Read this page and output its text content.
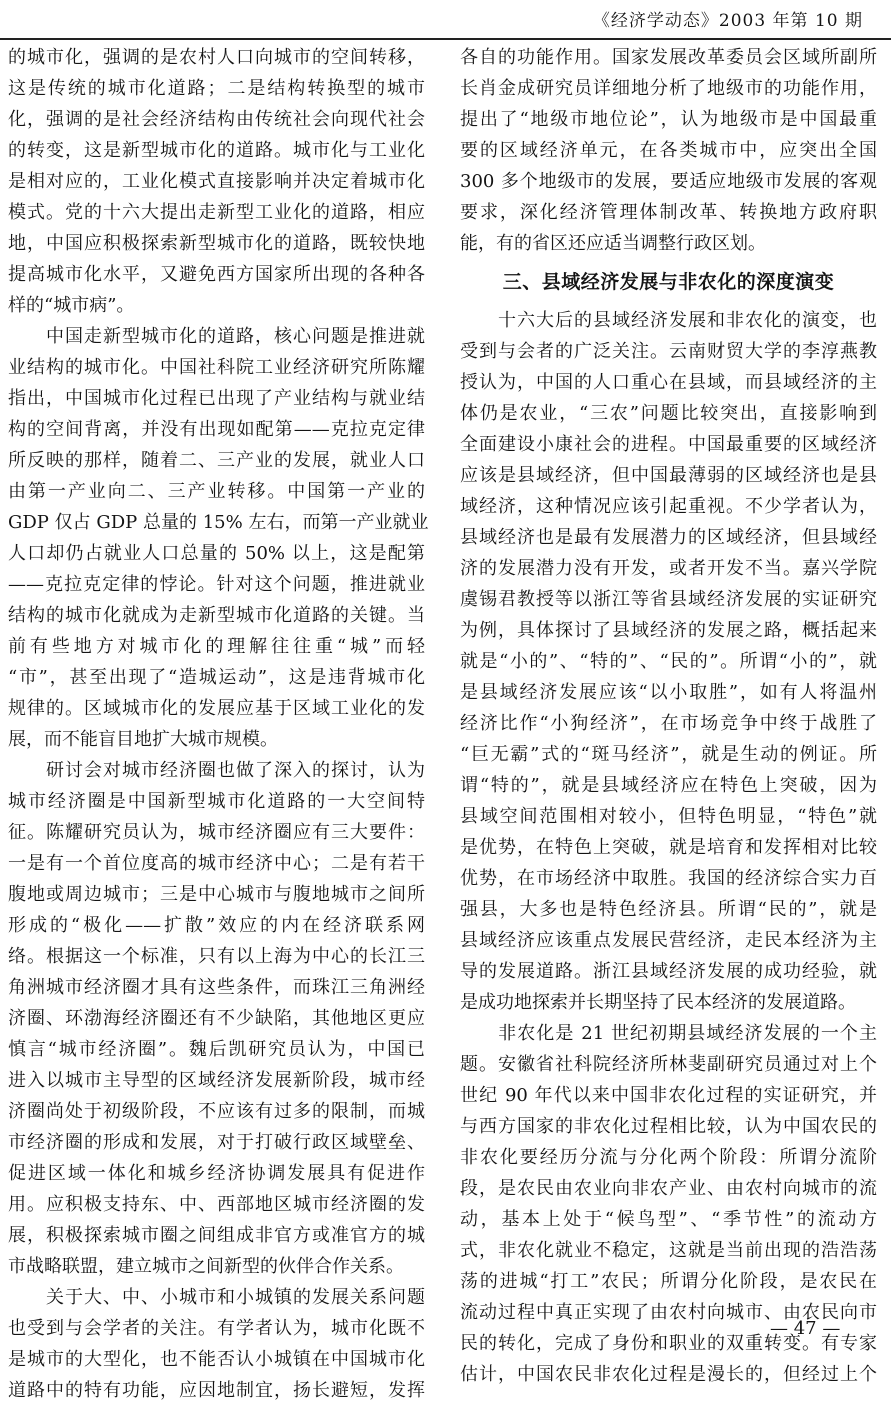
《经济学动态》2003 年第 10 期
的城市化，强调的是农村人口向城市的空间转移，
这是传统的城市化道路；二是结构转换型的城市
化，强调的是社会经济结构由传统社会向现代社会
的转变，这是新型城市化的道路。城市化与工业化
是相对应的，工业化模式直接影响并决定着城市化
模式。党的十六大提出走新型工业化的道路，相应
地，中国应积极探索新型城市化的道路，既较快地
提高城市化水平，又避免西方国家所出现的各种各
样的“城市病”。
　　中国走新型城市化的道路，核心问题是推进就
业结构的城市化。中国社科院工业经济研究所陈耀
指出，中国城市化过程已出现了产业结构与就业结
构的空间背离，并没有出现如配第——克拉克定律
所反映的那样，随着二、三产业的发展，就业人口
由第一产业向二、三产业转移。中国第一产业的
GDP 仅占 GDP 总量的 15% 左右，而第一产业就业
人口却仍占就业人口总量的 50% 以上，这是配第
——克拉克定律的悖论。针对这个问题，推进就业
结构的城市化就成为走新型城市化道路的关键。当
前有些地方对城市化的理解往往重“城”而轻
“市”，甚至出现了“造城运动”，这是违背城市化
规律的。区域城市化的发展应基于区域工业化的发
展，而不能盲目地扩大城市规模。
　　研讨会对城市经济圈也做了深入的探讨，认为
城市经济圈是中国新型城市化道路的一大空间特
征。陈耀研究员认为，城市经济圈应有三大要件：
一是有一个首位度高的城市经济中心；二是有若干
腹地或周边城市；三是中心城市与腹地城市之间所
形成的“极化——扩散”效应的内在经济联系网
络。根据这一个标准，只有以上海为中心的长江三
角洲城市经济圈才具有这些条件，而珠江三角洲经
济圈、环渤海经济圈还有不少缺陷，其他地区更应
慎言“城市经济圈”。魏后凯研究员认为，中国已
进入以城市主导型的区域经济发展新阶段，城市经
济圈尚处于初级阶段，不应该有过多的限制，而城
市经济圈的形成和发展，对于打破行政区域壁垒、
促进区域一体化和城乡经济协调发展具有促进作
用。应积极支持东、中、西部地区城市经济圈的发
展，积极探索城市圈之间组成非官方或准官方的城
市战略联盟，建立城市之间新型的伙伴合作关系。
　　关于大、中、小城市和小城镇的发展关系问题
也受到与会学者的关注。有学者认为，城市化既不
是城市的大型化，也不能否认小城镇在中国城市化
道路中的特有功能，应因地制宜，扬长避短，发挥
各自的功能作用。国家发展改革委员会区域所副所
长肖金成研究员详细地分析了地级市的功能作用，
提出了“地级市地位论”，认为地级市是中国最重
要的区域经济单元，在各类城市中，应突出全国
300 多个地级市的发展，要适应地级市发展的客观
要求，深化经济管理体制改革、转换地方政府职
能，有的省区还应适当调整行政区划。
三、县域经济发展与非农化的深度演变
　　十六大后的县域经济发展和非农化的演变，也
受到与会者的广泛关注。云南财贸大学的李淳燕教
授认为，中国的人口重心在县域，而县域经济的主
体仍是农业，“三农”问题比较突出，直接影响到
全面建设小康社会的进程。中国最重要的区域经济
应该是县域经济，但中国最薄弱的区域经济也是县
域经济，这种情况应该引起重视。不少学者认为，
县域经济也是最有发展潜力的区域经济，但县域经
济的发展潜力没有开发，或者开发不当。嘉兴学院
虞锡君教授等以浙江等省县域经济发展的实证研究
为例，具体探讨了县域经济的发展之路，概括起来
就是“小的”、“特的”、“民的”。所谓“小的”，就
是县域经济发展应该“以小取胜”，如有人将温州
经济比作“小狗经济”，在市场竞争中终于战胜了
“巨无霸”式的“斑马经济”，就是生动的例证。所
谓“特的”，就是县域经济应在特色上突破，因为
县域空间范围相对较小，但特色明显，“特色”就
是优势，在特色上突破，就是培育和发挥相对比较
优势，在市场经济中取胜。我国的经济综合实力百
强县，大多也是特色经济县。所谓“民的”，就是
县域经济应该重点发展民营经济，走民本经济为主
导的发展道路。浙江县域经济发展的成功经验，就
是成功地探索并长期坚持了民本经济的发展道路。
　　非农化是 21 世纪初期县域经济发展的一个主
题。安徽省社科院经济所林斐副研究员通过对上个
世纪 90 年代以来中国非农化过程的实证研究，并
与西方国家的非农化过程相比较，认为中国农民的
非农化要经历分流与分化两个阶段：所谓分流阶
段，是农民由农业向非农产业、由农村向城市的流
动，基本上处于“候鸟型”、“季节性”的流动方
式，非农化就业不稳定，这就是当前出现的浩浩荡
荡的进城“打工”农民；所谓分化阶段，是农民在
流动过程中真正实现了由农村向城市、由农民向市
民的转化，完成了身份和职业的双重转变。有专家
估计，中国农民非农化过程是漫长的，但经过上个
— 47 —
